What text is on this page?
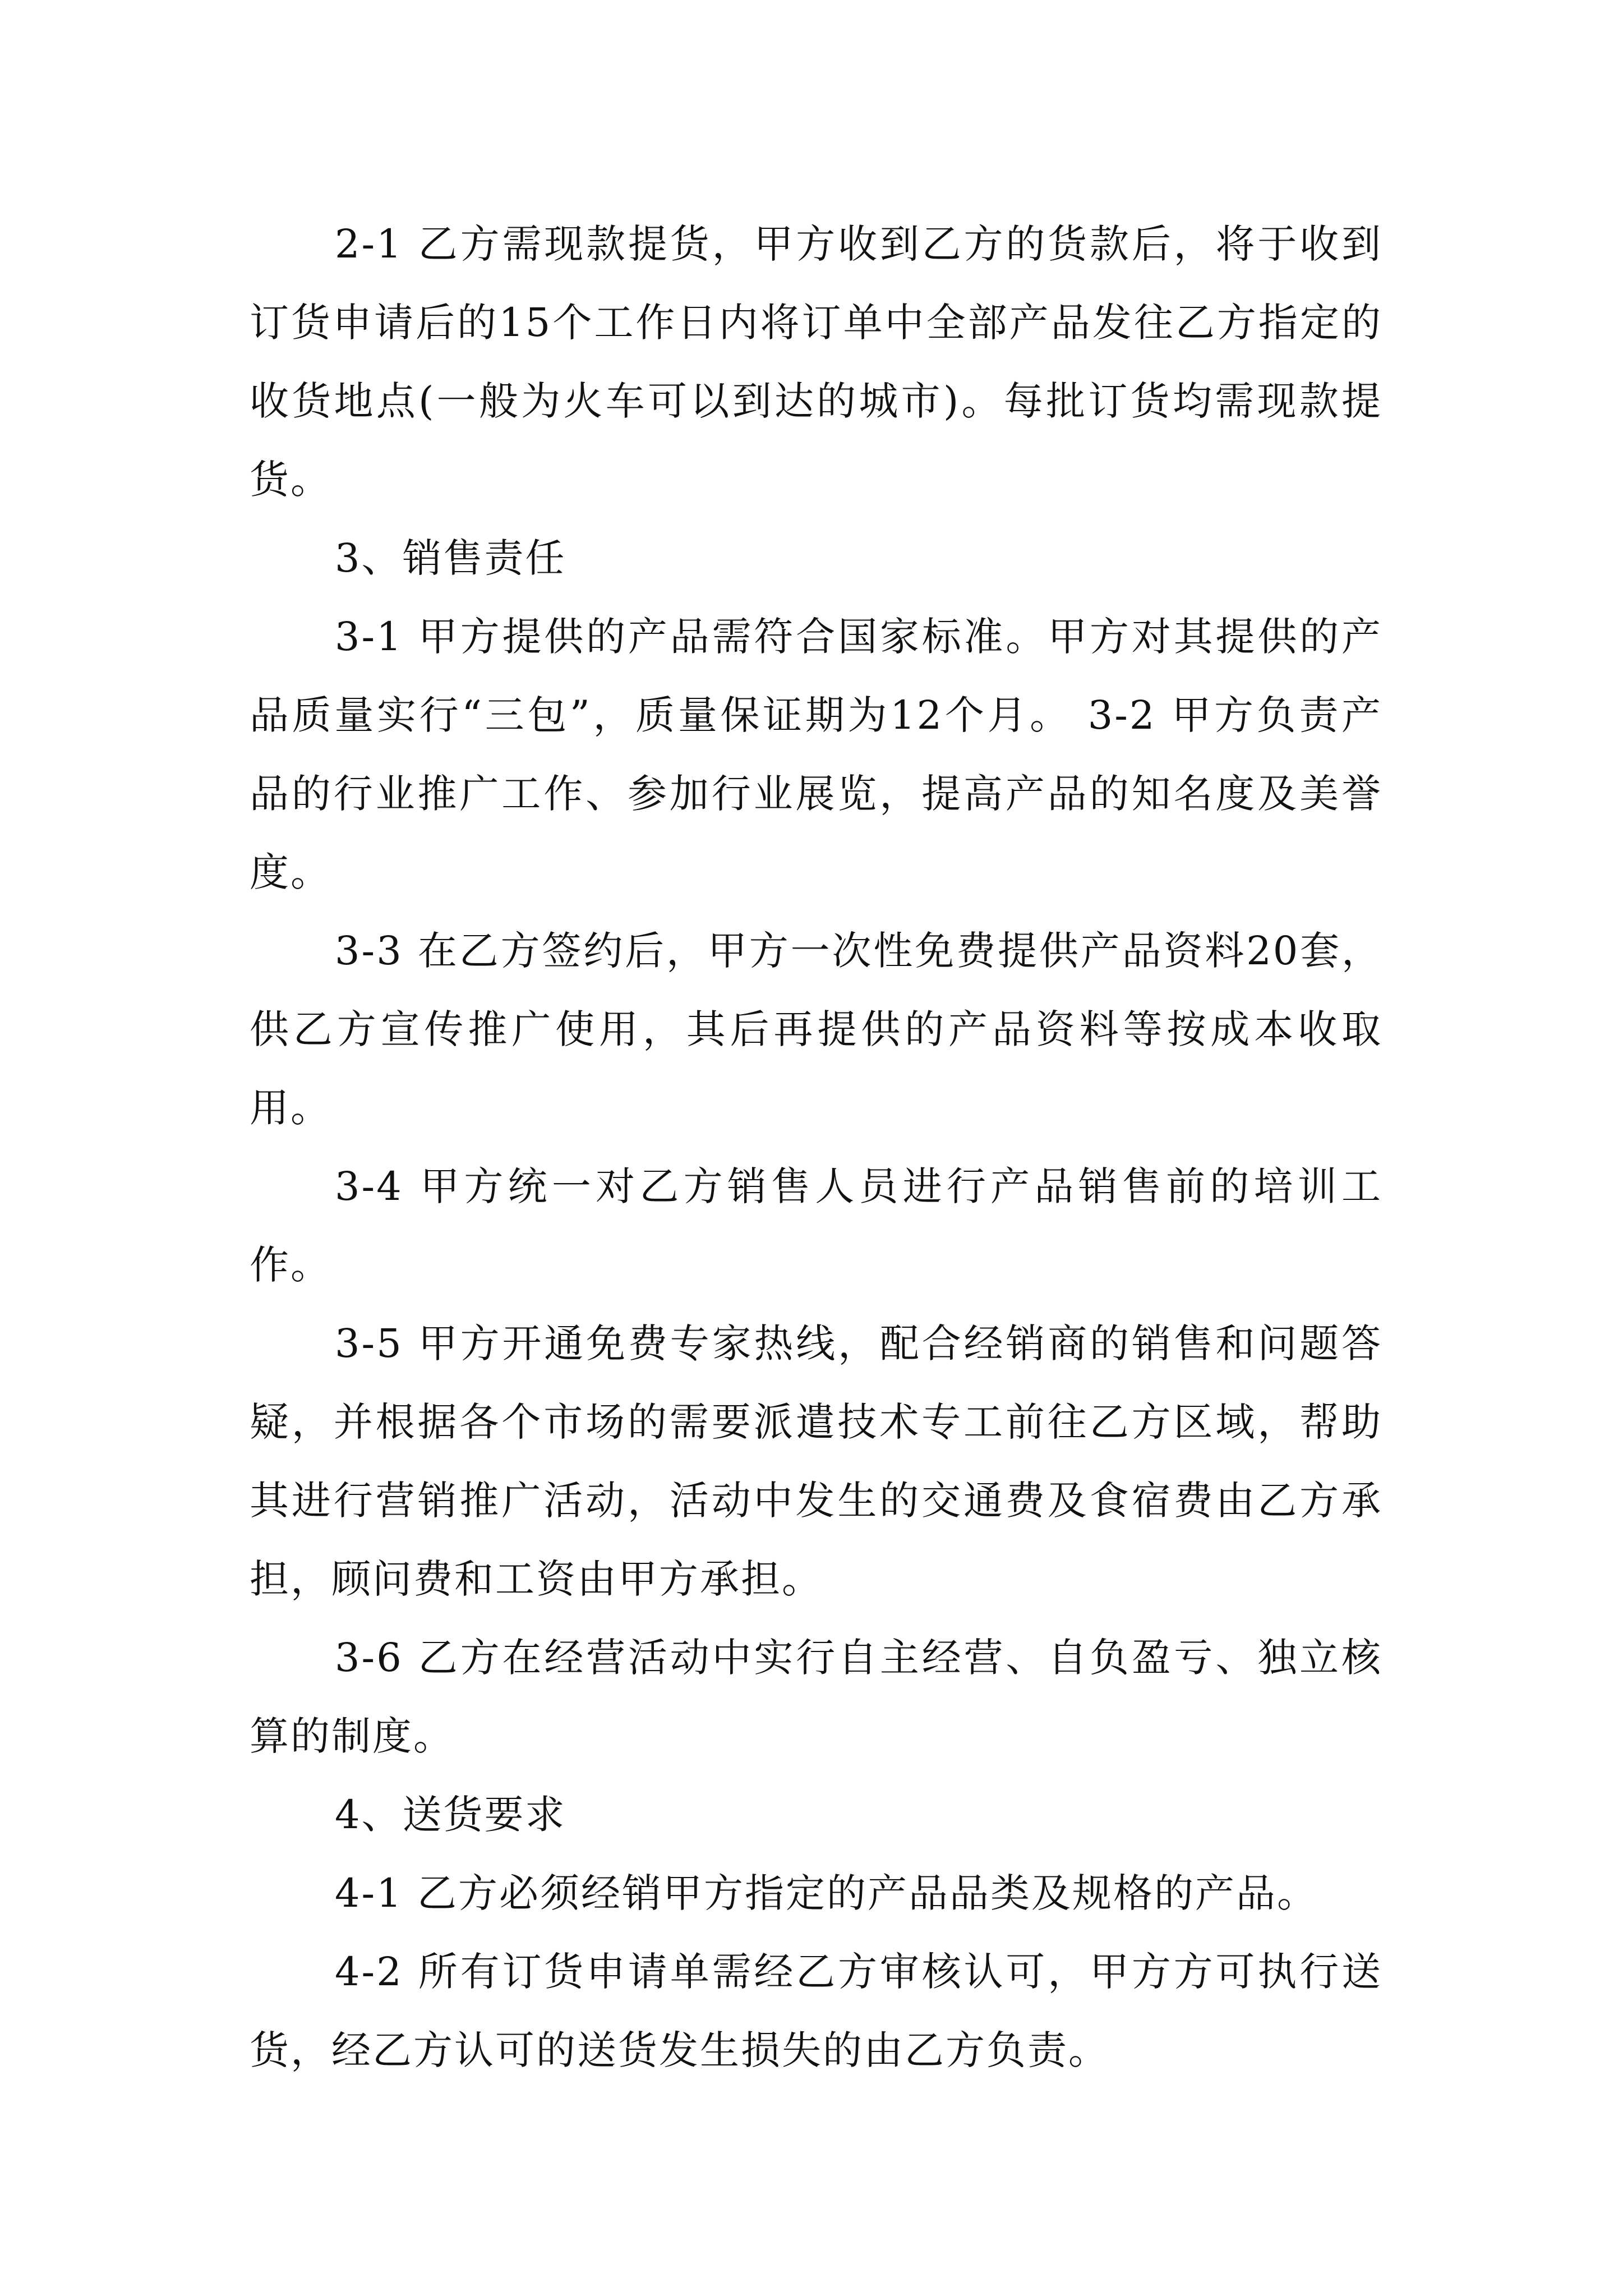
2-1 乙方需现款提货，甲方收到乙方的货款后，将于收到订货申请后的15个工作日内将订单中全部产品发往乙方指定的收货地点(一般为火车可以到达的城市)。每批订货均需现款提货。

3、销售责任

3-1 甲方提供的产品需符合国家标准。甲方对其提供的产品质量实行“三包”，质量保证期为12个月。 3-2 甲方负责产品的行业推广工作、参加行业展览，提高产品的知名度及美誉度。

3-3 在乙方签约后，甲方一次性免费提供产品资料20套，供乙方宣传推广使用，其后再提供的产品资料等按成本收取用。

3-4 甲方统一对乙方销售人员进行产品销售前的培训工作。

3-5 甲方开通免费专家热线，配合经销商的销售和问题答疑，并根据各个市场的需要派遣技术专工前往乙方区域，帮助其进行营销推广活动，活动中发生的交通费及食宿费由乙方承担，顾问费和工资由甲方承担。

3-6 乙方在经营活动中实行自主经营、自负盈亏、独立核算的制度。

4、送货要求

4-1 乙方必须经销甲方指定的产品品类及规格的产品。

4-2 所有订货申请单需经乙方审核认可，甲方方可执行送货，经乙方认可的送货发生损失的由乙方负责。
